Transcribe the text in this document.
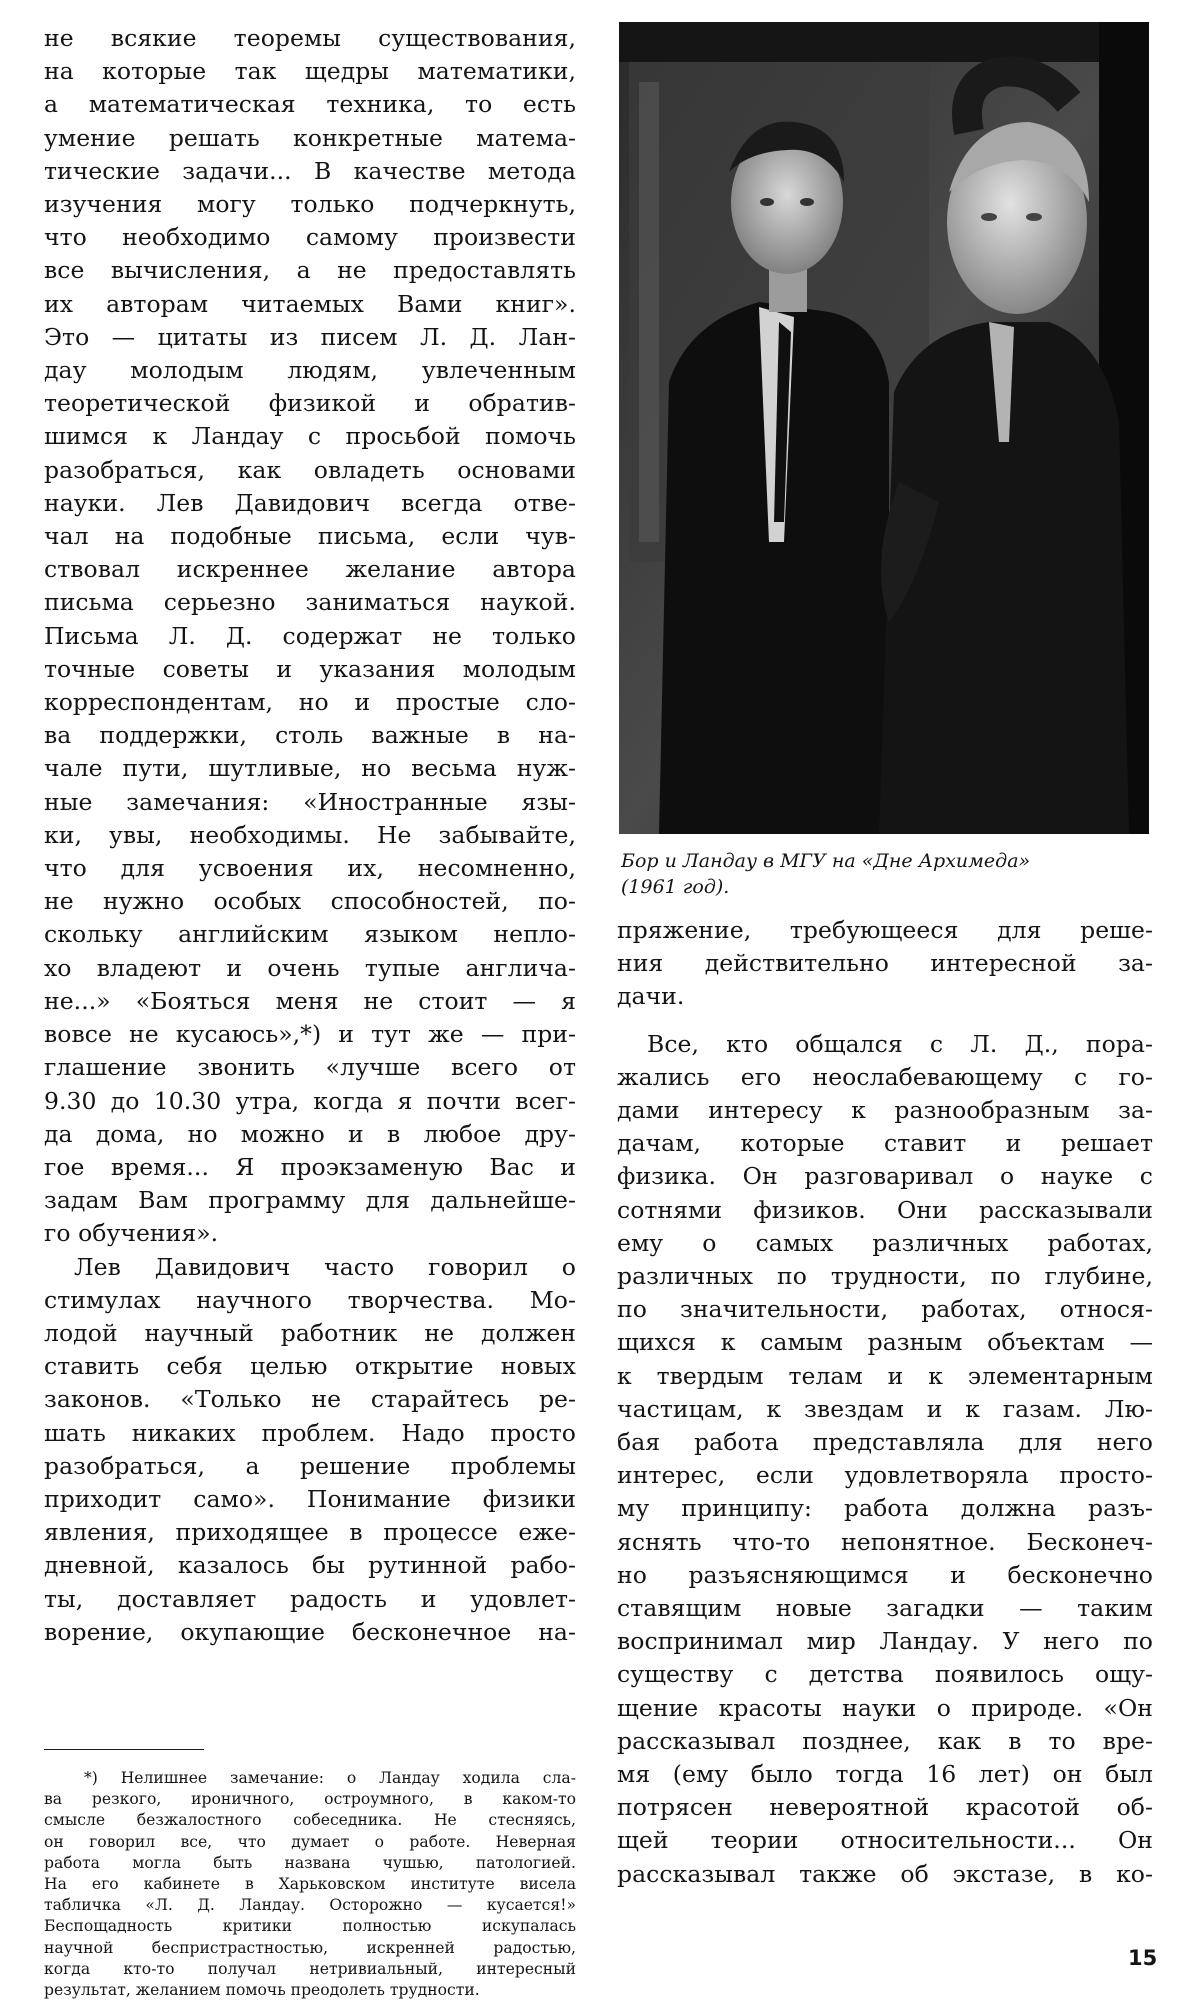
не всякие теоремы существования,
на которые так щедры математики,
а математическая техника, то есть
умение решать конкретные матема-
тические задачи... В качестве метода
изучения могу только подчеркнуть,
что необходимо самому произвести
все вычисления, а не предоставлять
их авторам читаемых Вами книг».
Это — цитаты из писем Л. Д. Лан-
дау молодым людям, увлеченным
теоретической физикой и обратив-
шимся к Ландау с просьбой помочь
разобраться, как овладеть основами
науки. Лев Давидович всегда отве-
чал на подобные письма, если чув-
ствовал искреннее желание автора
письма серьезно заниматься наукой.
Письма Л. Д. содержат не только
точные советы и указания молодым
корреспондентам, но и простые сло-
ва поддержки, столь важные в на-
чале пути, шутливые, но весьма нуж-
ные замечания: «Иностранные язы-
ки, увы, необходимы. Не забывайте,
что для усвоения их, несомненно,
не нужно особых способностей, по-
скольку английским языком непло-
хо владеют и очень тупые англича-
не...» «Бояться меня не стоит — я
вовсе не кусаюсь»,*) и тут же — при-
глашение звонить «лучше всего от
9.30 до 10.30 утра, когда я почти всег-
да дома, но можно и в любое дру-
гое время... Я проэкзаменую Вас и
задам Вам программу для дальнейше-
го обучения».
Лев Давидович часто говорил о
стимулах научного творчества. Мо-
лодой научный работник не должен
ставить себя целью открытие новых
законов. «Только не старайтесь ре-
шать никаких проблем. Надо просто
разобраться, а решение проблемы
приходит само». Понимание физики
явления, приходящее в процессе еже-
дневной, казалось бы рутинной рабо-
ты, доставляет радость и удовлет-
ворение, окупающие бесконечное на-
*) Нелишнее замечание: о Ландау ходила сла-
ва резкого, ироничного, остроумного, в каком-то
смысле безжалостного собеседника. Не стесняясь,
он говорил все, что думает о работе. Неверная
работа могла быть названа чушью, патологией.
На его кабинете в Харьковском институте висела
табличка «Л. Д. Ландау. Осторожно — кусается!»
Беспощадность критики полностью искупалась
научной беспристрастностью, искренней радостью,
когда кто-то получал нетривиальный, интересный
результат, желанием помочь преодолеть трудности.
Бор и Ландау в МГУ на «Дне Архимеда»
(1961 год).
пряжение, требующееся для реше-
ния действительно интересной за-
дачи.
Все, кто общался с Л. Д., пора-
жались его неослабевающему с го-
дами интересу к разнообразным за-
дачам, которые ставит и решает
физика. Он разговаривал о науке с
сотнями физиков. Они рассказывали
ему о самых различных работах,
различных по трудности, по глубине,
по значительности, работах, относя-
щихся к самым разным объектам —
к твердым телам и к элементарным
частицам, к звездам и к газам. Лю-
бая работа представляла для него
интерес, если удовлетворяла просто-
му принципу: работа должна разъ-
яснять что-то непонятное. Бесконеч-
но разъясняющимся и бесконечно
ставящим новые загадки — таким
воспринимал мир Ландау. У него по
существу с детства появилось ощу-
щение красоты науки о природе. «Он
рассказывал позднее, как в то вре-
мя (ему было тогда 16 лет) он был
потрясен невероятной красотой об-
щей теории относительности... Он
рассказывал также об экстазе, в ко-
15
